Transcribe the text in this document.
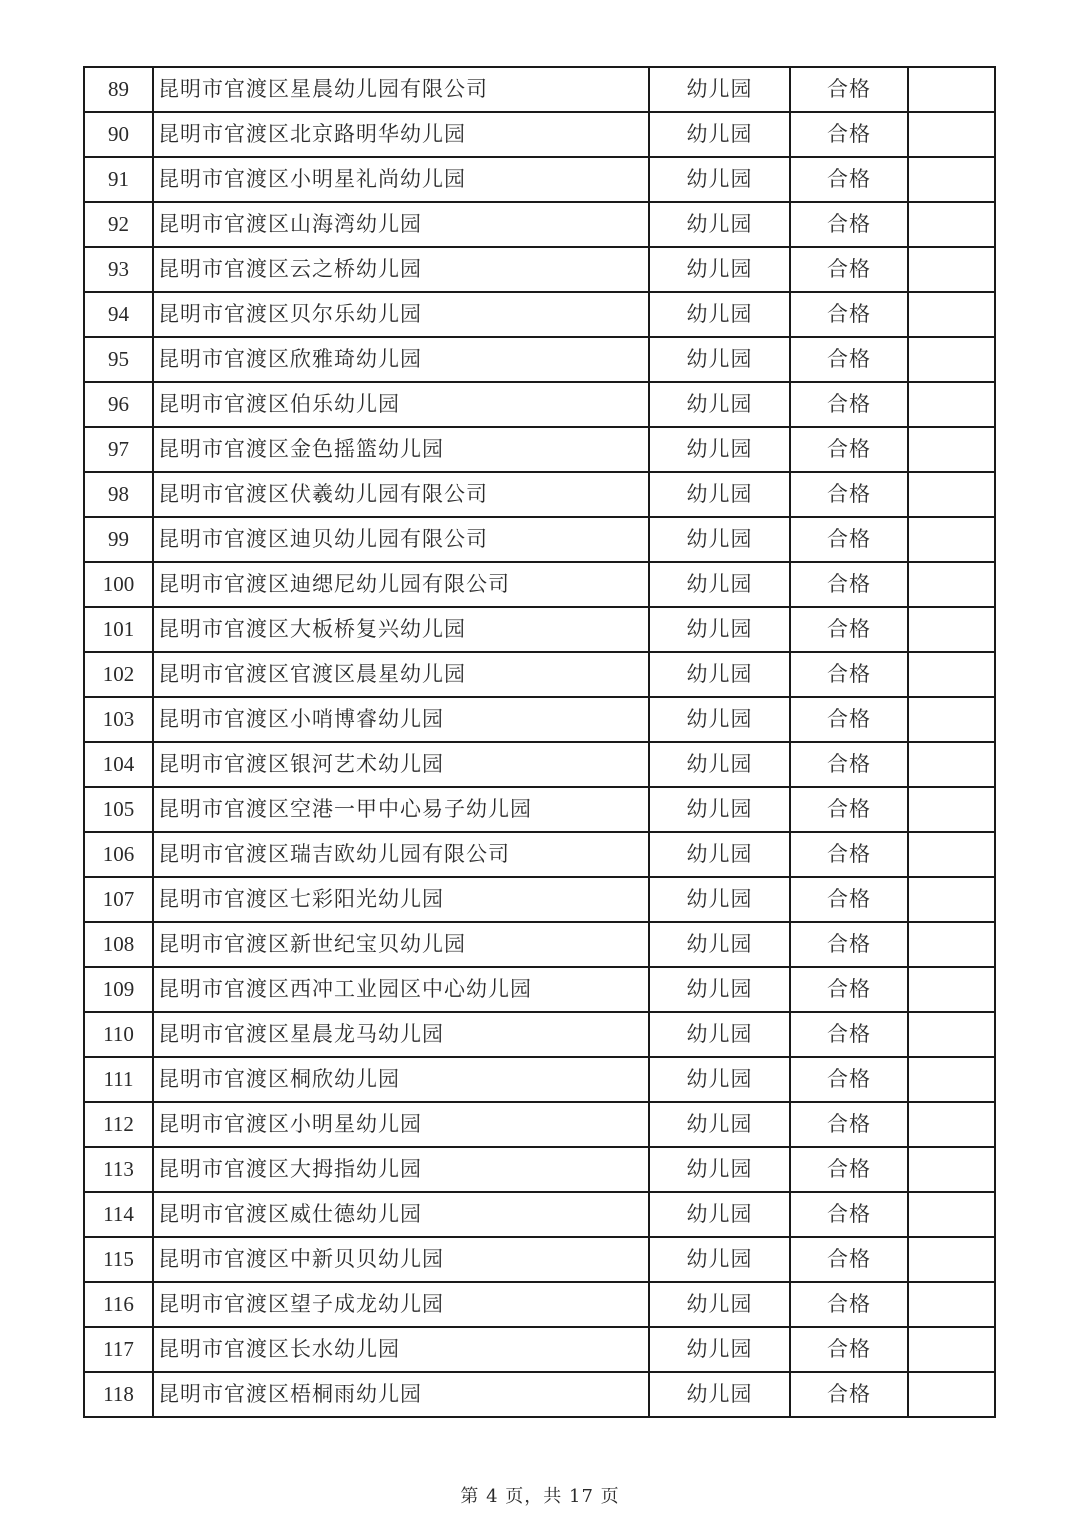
89	昆明市官渡区星晨幼儿园有限公司	幼儿园	合格	
90	昆明市官渡区北京路明华幼儿园	幼儿园	合格	
91	昆明市官渡区小明星礼尚幼儿园	幼儿园	合格	
92	昆明市官渡区山海湾幼儿园	幼儿园	合格	
93	昆明市官渡区云之桥幼儿园	幼儿园	合格	
94	昆明市官渡区贝尔乐幼儿园	幼儿园	合格	
95	昆明市官渡区欣雅琦幼儿园	幼儿园	合格	
96	昆明市官渡区伯乐幼儿园	幼儿园	合格	
97	昆明市官渡区金色摇篮幼儿园	幼儿园	合格	
98	昆明市官渡区伏羲幼儿园有限公司	幼儿园	合格	
99	昆明市官渡区迪贝幼儿园有限公司	幼儿园	合格	
100	昆明市官渡区迪缌尼幼儿园有限公司	幼儿园	合格	
101	昆明市官渡区大板桥复兴幼儿园	幼儿园	合格	
102	昆明市官渡区官渡区晨星幼儿园	幼儿园	合格	
103	昆明市官渡区小哨博睿幼儿园	幼儿园	合格	
104	昆明市官渡区银河艺术幼儿园	幼儿园	合格	
105	昆明市官渡区空港一甲中心易子幼儿园	幼儿园	合格	
106	昆明市官渡区瑞吉欧幼儿园有限公司	幼儿园	合格	
107	昆明市官渡区七彩阳光幼儿园	幼儿园	合格	
108	昆明市官渡区新世纪宝贝幼儿园	幼儿园	合格	
109	昆明市官渡区西冲工业园区中心幼儿园	幼儿园	合格	
110	昆明市官渡区星晨龙马幼儿园	幼儿园	合格	
111	昆明市官渡区桐欣幼儿园	幼儿园	合格	
112	昆明市官渡区小明星幼儿园	幼儿园	合格	
113	昆明市官渡区大拇指幼儿园	幼儿园	合格	
114	昆明市官渡区威仕德幼儿园	幼儿园	合格	
115	昆明市官渡区中新贝贝幼儿园	幼儿园	合格	
116	昆明市官渡区望子成龙幼儿园	幼儿园	合格	
117	昆明市官渡区长水幼儿园	幼儿园	合格	
118	昆明市官渡区梧桐雨幼儿园	幼儿园	合格	
第 4 页，共 17 页
